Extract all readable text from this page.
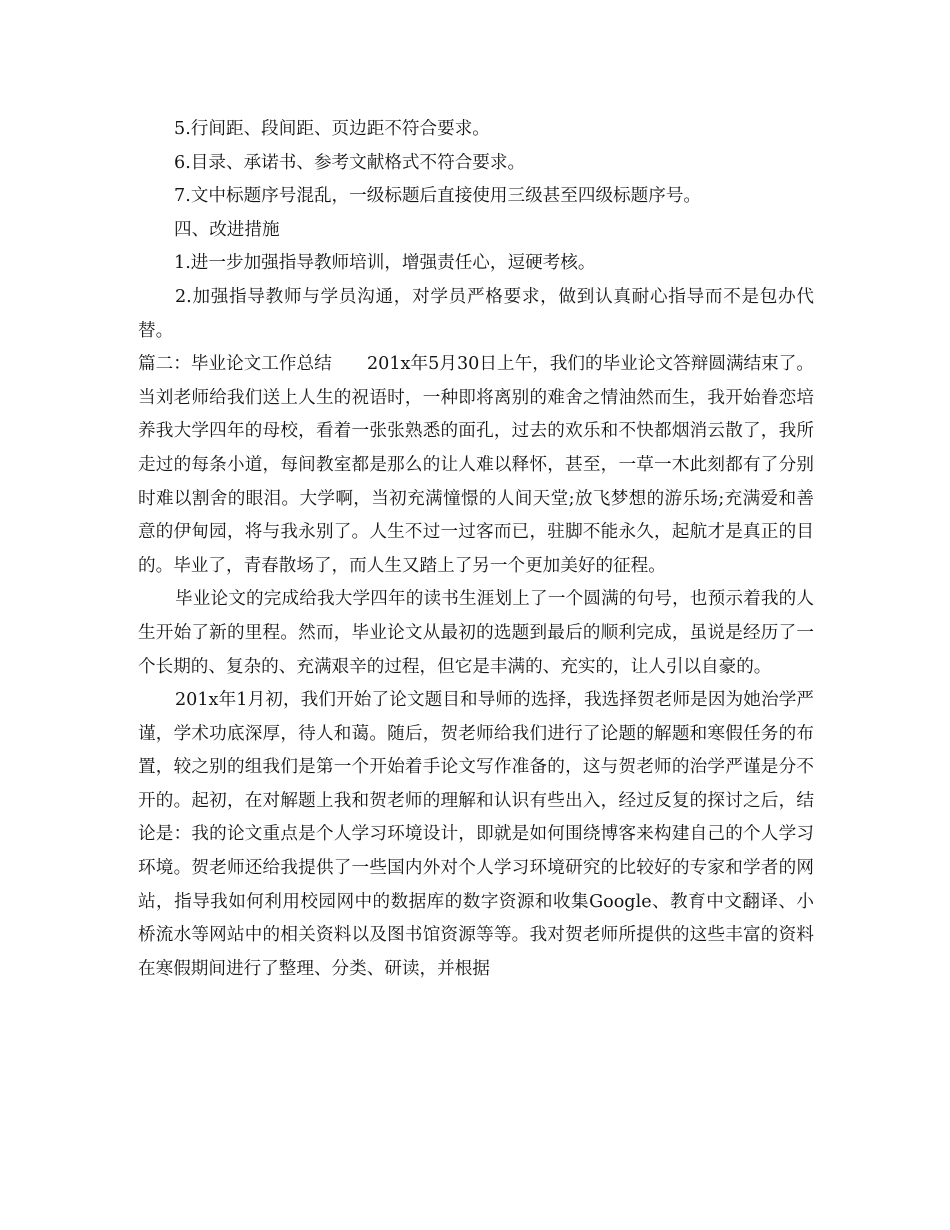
5.行间距、段间距、页边距不符合要求。

6.目录、承诺书、参考文献格式不符合要求。

7.文中标题序号混乱，一级标题后直接使用三级甚至四级标题序号。

四、改进措施

1.进一步加强指导教师培训，增强责任心，逗硬考核。

2.加强指导教师与学员沟通，对学员严格要求，做到认真耐心指导而不是包办代替。

篇二：毕业论文工作总结　　201x年5月30日上午，我们的毕业论文答辩圆满结束了。当刘老师给我们送上人生的祝语时，一种即将离别的难舍之情油然而生，我开始眷恋培养我大学四年的母校，看着一张张熟悉的面孔，过去的欢乐和不快都烟消云散了，我所走过的每条小道，每间教室都是那么的让人难以释怀，甚至，一草一木此刻都有了分别时难以割舍的眼泪。大学啊，当初充满憧憬的人间天堂;放飞梦想的游乐场;充满爱和善意的伊甸园，将与我永别了。人生不过一过客而已，驻脚不能永久，起航才是真正的目的。毕业了，青春散场了，而人生又踏上了另一个更加美好的征程。

毕业论文的完成给我大学四年的读书生涯划上了一个圆满的句号，也预示着我的人生开始了新的里程。然而，毕业论文从最初的选题到最后的顺利完成，虽说是经历了一个长期的、复杂的、充满艰辛的过程，但它是丰满的、充实的，让人引以自豪的。

201x年1月初，我们开始了论文题目和导师的选择，我选择贺老师是因为她治学严谨，学术功底深厚，待人和蔼。随后，贺老师给我们进行了论题的解题和寒假任务的布置，较之别的组我们是第一个开始着手论文写作准备的，这与贺老师的治学严谨是分不开的。起初，在对解题上我和贺老师的理解和认识有些出入，经过反复的探讨之后，结论是：我的论文重点是个人学习环境设计，即就是如何围绕博客来构建自己的个人学习环境。贺老师还给我提供了一些国内外对个人学习环境研究的比较好的专家和学者的网站，指导我如何利用校园网中的数据库的数字资源和收集Google、教育中文翻译、小桥流水等网站中的相关资料以及图书馆资源等等。我对贺老师所提供的这些丰富的资料在寒假期间进行了整理、分类、研读，并根据
